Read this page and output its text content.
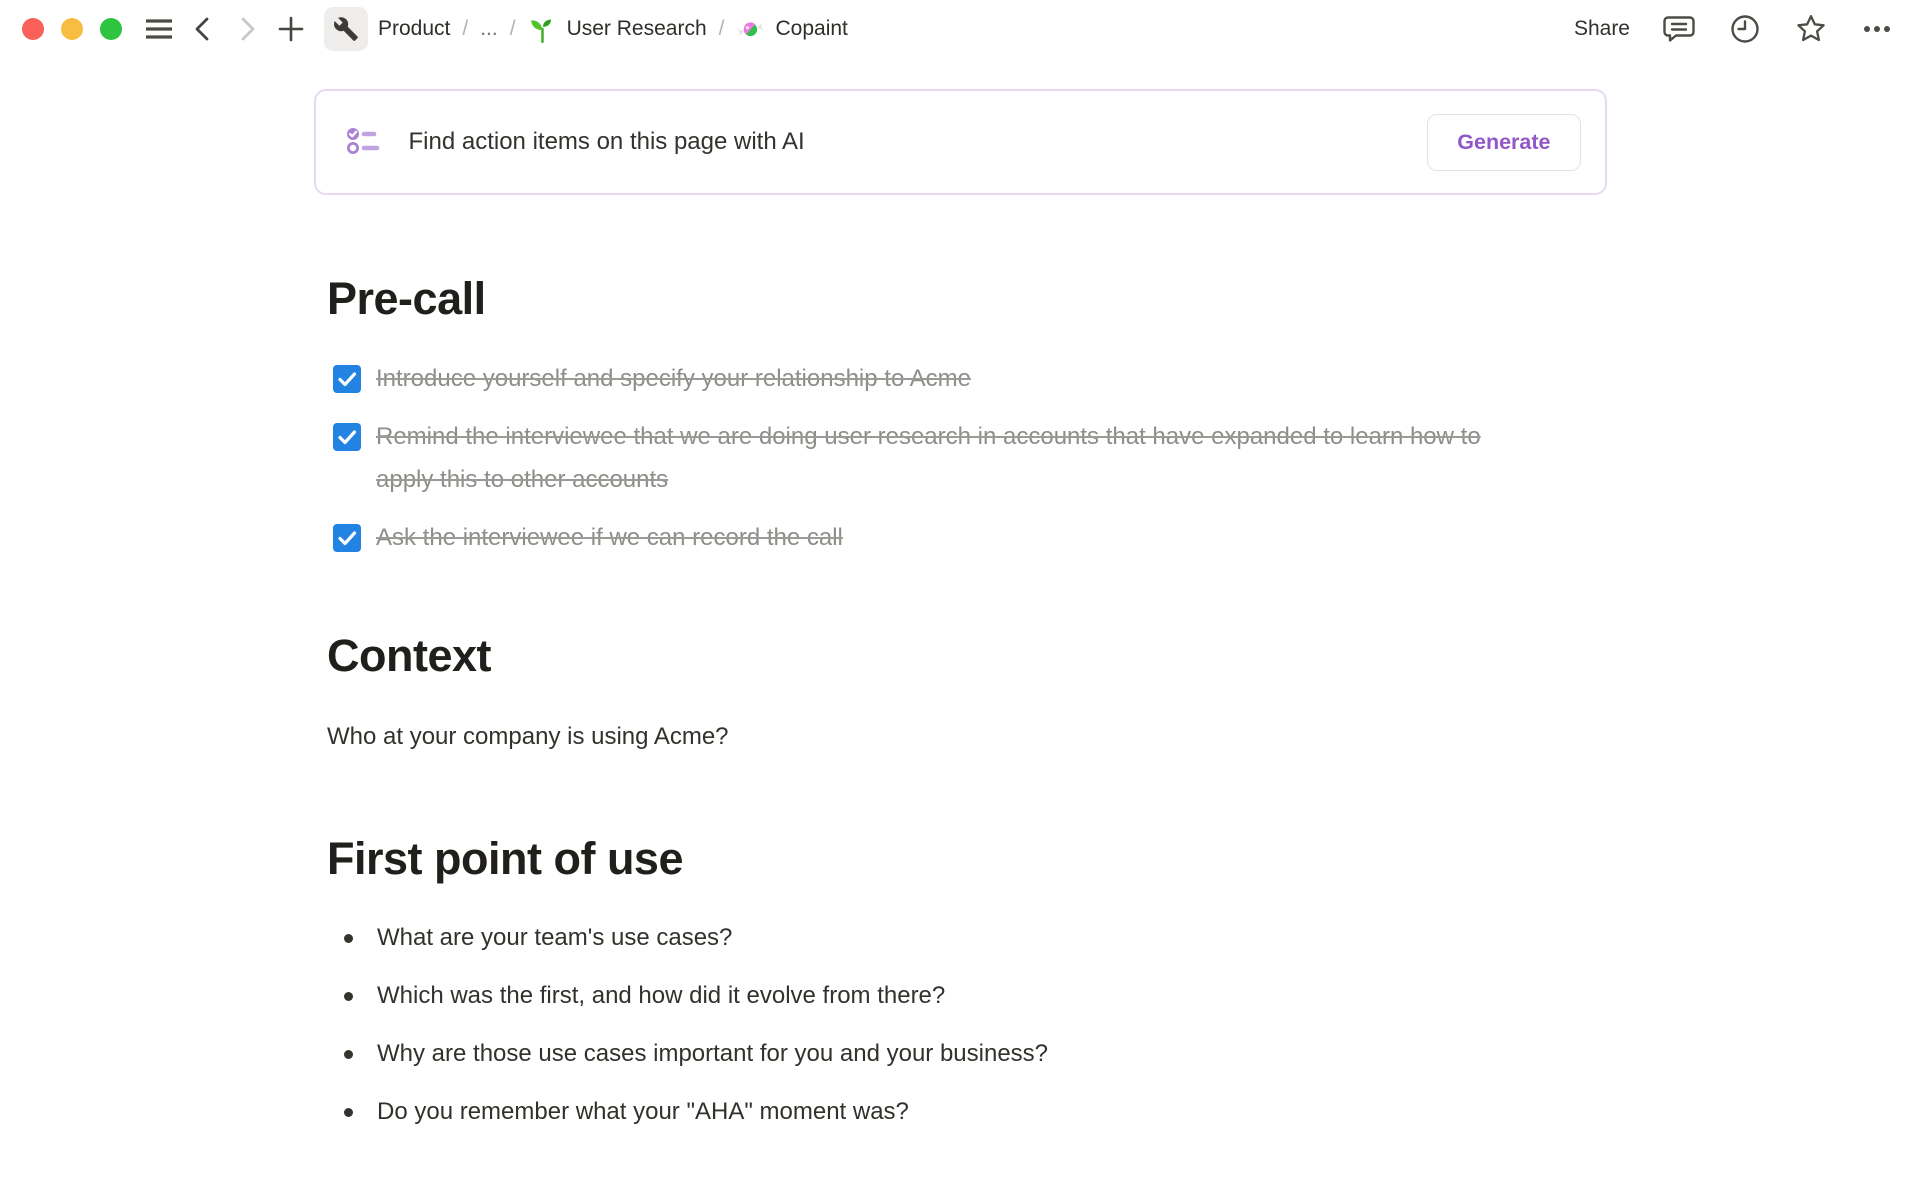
Product / ... / User Research / Copaint	Share
Find action items on this page with AI	Generate
Pre-call
Introduce yourself and specify your relationship to Acme
Remind the interviewee that we are doing user research in accounts that have expanded to learn how to apply this to other accounts
Ask the interviewee if we can record the call
Context

Who at your company is using Acme?

First point of use
What are your team's use cases?
Which was the first, and how did it evolve from there?
Why are those use cases important for you and your business?
Do you remember what your "AHA" moment was?
